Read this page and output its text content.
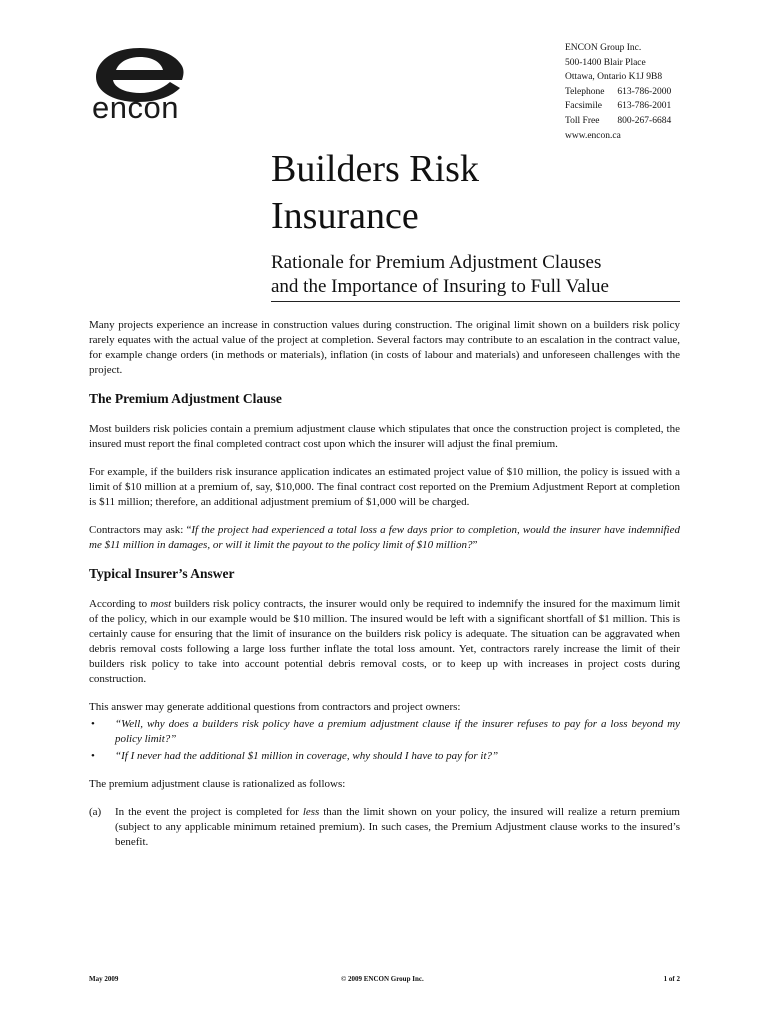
encon
ENCON Group Inc.
500-1400 Blair Place
Ottawa, Ontario K1J 9B8
Telephone 613-786-2000
Facsimile 613-786-2001
Toll Free 800-267-6684
www.encon.ca
Builders Risk
Insurance
Rationale for Premium Adjustment Clauses
and the Importance of Insuring to Full Value

Many projects experience an increase in construction values during construction. The original limit shown on a builders risk policy rarely equates with the actual value of the project at completion. Several factors may contribute to an escalation in the contract value, for example change orders (in methods or materials), inflation (in costs of labour and materials) and unforeseen challenges with the project.

The Premium Adjustment Clause

Most builders risk policies contain a premium adjustment clause which stipulates that once the construction project is completed, the insured must report the final completed contract cost upon which the insurer will adjust the final premium.

For example, if the builders risk insurance application indicates an estimated project value of $10 million, the policy is issued with a limit of $10 million at a premium of, say, $10,000. The final contract cost reported on the Premium Adjustment Report at completion is $11 million; therefore, an additional adjustment premium of $1,000 will be charged.

Contractors may ask: “If the project had experienced a total loss a few days prior to completion, would the insurer have indemnified me $11 million in damages, or will it limit the payout to the policy limit of $10 million?”

Typical Insurer’s Answer

According to most builders risk policy contracts, the insurer would only be required to indemnify the insured for the maximum limit of the policy, which in our example would be $10 million. The insured would be left with a significant shortfall of $1 million. This is certainly cause for ensuring that the limit of insurance on the builders risk policy is adequate. The situation can be aggravated when debris removal costs following a large loss further inflate the total loss amount. Yet, contractors rarely increase the limit of their builders risk policy to take into account potential debris removal costs, or to keep up with increases in project costs during construction.

This answer may generate additional questions from contractors and project owners:

• “Well, why does a builders risk policy have a premium adjustment clause if the insurer refuses to pay for a loss beyond my policy limit?”
• “If I never had the additional $1 million in coverage, why should I have to pay for it?”

The premium adjustment clause is rationalized as follows:

(a) In the event the project is completed for less than the limit shown on your policy, the insured will realize a return premium (subject to any applicable minimum retained premium). In such cases, the Premium Adjustment clause works to the insured’s benefit.
May 2009	© 2009 ENCON Group Inc.	1 of 2
